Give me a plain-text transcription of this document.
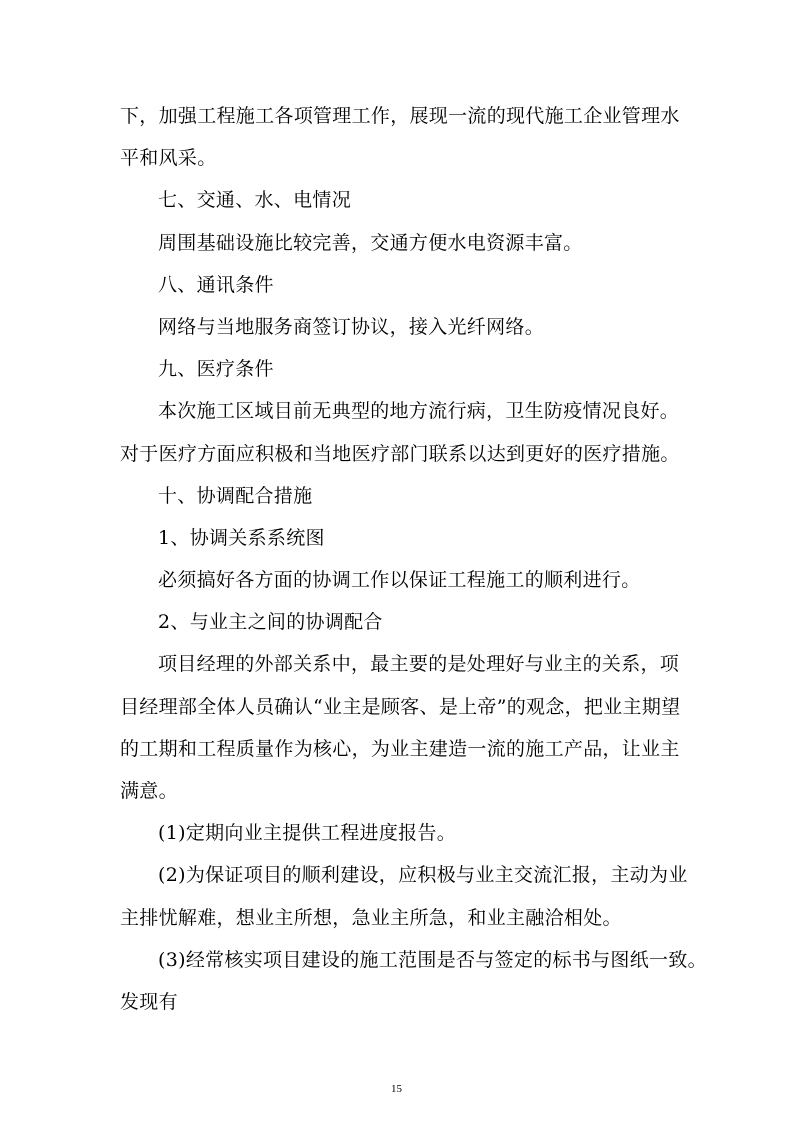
下，加强工程施工各项管理工作，展现一流的现代施工企业管理水
平和风采。
七、交通、水、电情况
周围基础设施比较完善，交通方便水电资源丰富。
八、通讯条件
网络与当地服务商签订协议，接入光纤网络。
九、医疗条件
本次施工区域目前无典型的地方流行病，卫生防疫情况良好。
对于医疗方面应积极和当地医疗部门联系以达到更好的医疗措施。
十、协调配合措施
1、协调关系系统图
必须搞好各方面的协调工作以保证工程施工的顺利进行。
2、与业主之间的协调配合
项目经理的外部关系中，最主要的是处理好与业主的关系，项
目经理部全体人员确认“业主是顾客、是上帝”的观念，把业主期望
的工期和工程质量作为核心，为业主建造一流的施工产品，让业主
满意。
(1)定期向业主提供工程进度报告。
(2)为保证项目的顺利建设，应积极与业主交流汇报，主动为业
主排忧解难，想业主所想，急业主所急，和业主融洽相处。
(3)经常核实项目建设的施工范围是否与签定的标书与图纸一致。
发现有
15
